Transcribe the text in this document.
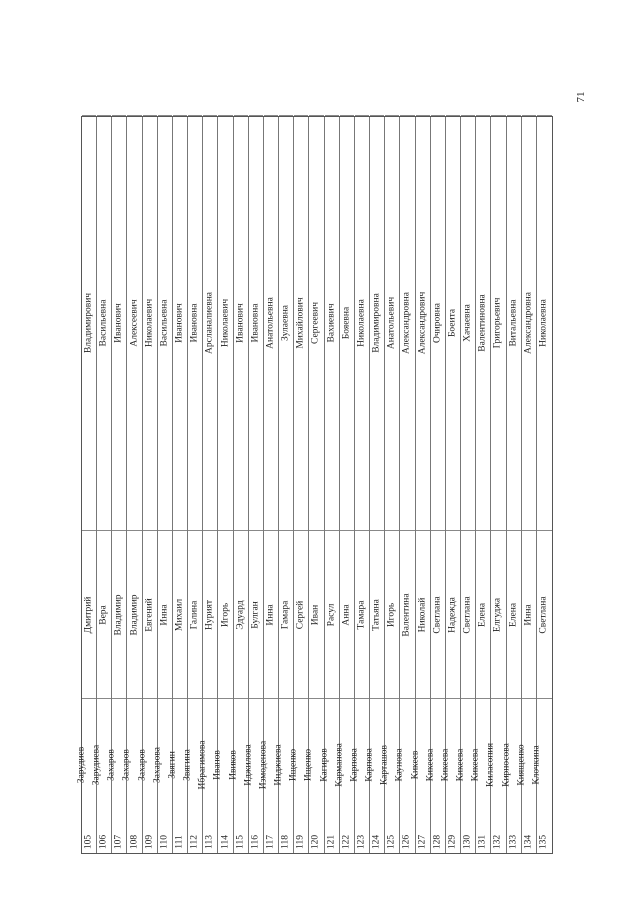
71
105
Зарудиев
Дмитрий
Владимирович
106
Зарудиева
Вера
Васильевна
107
Захаров
Владимир
Иванович
108
Захаров
Владимир
Алексеевич
109
Захаров
Евгений
Николаевич
110
Захарова
Инна
Васильевна
111
Звягин
Михаил
Иванович
112
Звягина
Галина
Ивановна
113
Ибрагимова
Нурият
Арсланалиевна
114
Иванов
Игорь
Николаевич
115
Ивиков
Эдуард
Иванович
116
Иджилова
Булган
Ивановна
117
Измоденова
Инна
Анатольевна
118
Инджиева
Гамара
Зулаевна
119
Ищенко
Сергей
Михайлович
120
Ищенко
Иван
Сергеевич
121
Кагиров
Расул
Вахиевич
122
Карманова
Анна
Бояевна
123
Карпова
Тамара
Николаевна
124
Карпова
Татьяна
Владимировна
125
Карташов
Игорь
Анатольевич
126
Каунова
Валентина
Александровна
127
Кикеев
Николай
Александрович
128
Кикеева
Светлана
Очировна
129
Кикеева
Надежда
Боеита
130
Кикеева
Светлана
Хачаевна
131
Кикеева
Елена
Валентиновна
132
Киласопия
Елгуджа
Григорьевич
133
Кирносова
Елена
Витальевна
134
Киященко
Инна
Александровна
135
Клочкина
Светлана
Николаевна
